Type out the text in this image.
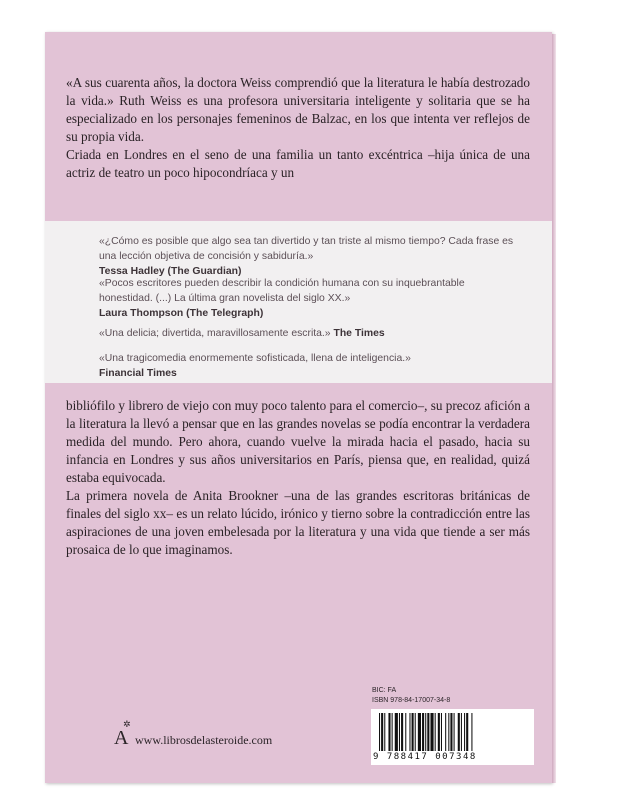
«A sus cuarenta años, la doctora Weiss comprendió que la literatura le había destrozado la vida.» Ruth Weiss es una profesora universitaria inteligente y solitaria que se ha especializado en los personajes femeninos de Balzac, en los que intenta ver reflejos de su propia vida.

Criada en Londres en el seno de una familia un tanto excéntrica –hija única de una actriz de teatro un poco hipocondríaca y un

«¿Cómo es posible que algo sea tan divertido y tan triste al mismo tiempo? Cada frase es una lección objetiva de concisión y sabiduría.»
Tessa Hadley (The Guardian)
«Pocos escritores pueden describir la condición humana con su inquebrantable honestidad. (...) La última gran novelista del siglo XX.»
Laura Thompson (The Telegraph)
«Una delicia; divertida, maravillosamente escrita.» The Times
«Una tragicomedia enormemente sofisticada, llena de inteligencia.»
Financial Times

bibliófilo y librero de viejo con muy poco talento para el comercio–, su precoz afición a la literatura la llevó a pensar que en las grandes novelas se podía encontrar la verdadera medida del mundo. Pero ahora, cuando vuelve la mirada hacia el pasado, hacia su infancia en Londres y sus años universitarios en París, piensa que, en realidad, quizá estaba equivocada.

La primera novela de Anita Brookner –una de las grandes escritoras británicas de finales del siglo xx– es un relato lúcido, irónico y tierno sobre la contradicción entre las aspiraciones de una joven embelesada por la literatura y una vida que tiende a ser más prosaica de lo que imaginamos.

✲
A www.librosdelasteroide.com
BIC: FA
ISBN 978-84-17007-34-8
9 788417 007348
